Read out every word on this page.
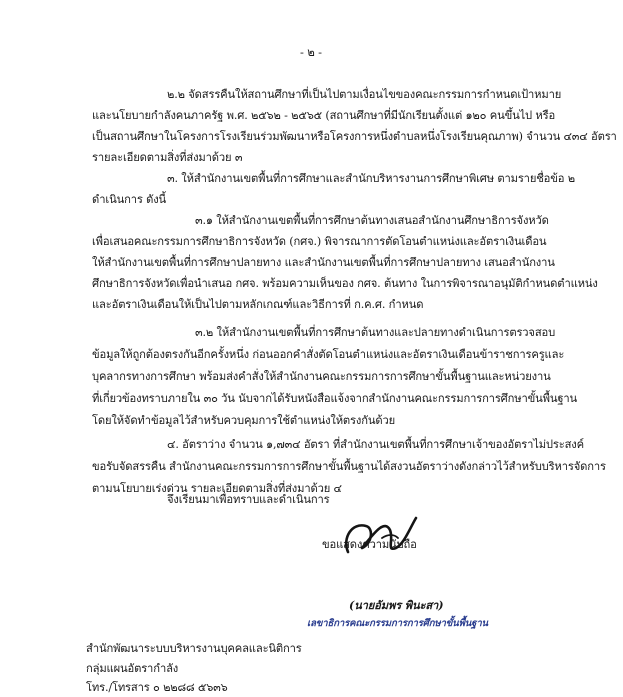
- ๒ -
๒.๒ จัดสรรคืนให้สถานศึกษาที่เป็นไปตามเงื่อนไขของคณะกรรมการกำหนดเป้าหมาย
และนโยบายกำลังคนภาครัฐ พ.ศ. ๒๕๖๒ - ๒๕๖๕ (สถานศึกษาที่มีนักเรียนตั้งแต่ ๑๒๐ คนขึ้นไป หรือ
เป็นสถานศึกษาในโครงการโรงเรียนร่วมพัฒนาหรือโครงการหนึ่งตำบลหนึ่งโรงเรียนคุณภาพ) จำนวน ๔๓๔ อัตรา
รายละเอียดตามสิ่งที่ส่งมาด้วย ๓
๓. ให้สำนักงานเขตพื้นที่การศึกษาและสำนักบริหารงานการศึกษาพิเศษ ตามรายชื่อข้อ ๒
ดำเนินการ ดังนี้
๓.๑ ให้สำนักงานเขตพื้นที่การศึกษาต้นทางเสนอสำนักงานศึกษาธิการจังหวัด
เพื่อเสนอคณะกรรมการศึกษาธิการจังหวัด (กศจ.) พิจารณาการตัดโอนตำแหน่งและอัตราเงินเดือน
ให้สำนักงานเขตพื้นที่การศึกษาปลายทาง และสำนักงานเขตพื้นที่การศึกษาปลายทาง เสนอสำนักงาน
ศึกษาธิการจังหวัดเพื่อนำเสนอ กศจ. พร้อมความเห็นของ กศจ. ต้นทาง ในการพิจารณาอนุมัติกำหนดตำแหน่ง
และอัตราเงินเดือนให้เป็นไปตามหลักเกณฑ์และวิธีการที่ ก.ค.ศ. กำหนด
๓.๒ ให้สำนักงานเขตพื้นที่การศึกษาต้นทางและปลายทางดำเนินการตรวจสอบ
ข้อมูลให้ถูกต้องตรงกันอีกครั้งหนึ่ง ก่อนออกคำสั่งตัดโอนตำแหน่งและอัตราเงินเดือนข้าราชการครูและ
บุคลากรทางการศึกษา พร้อมส่งคำสั่งให้สำนักงานคณะกรรมการการศึกษาขั้นพื้นฐานและหน่วยงาน
ที่เกี่ยวข้องทราบภายใน ๓๐ วัน นับจากได้รับหนังสือแจ้งจากสำนักงานคณะกรรมการการศึกษาขั้นพื้นฐาน
โดยให้จัดทำข้อมูลไว้สำหรับควบคุมการใช้ตำแหน่งให้ตรงกันด้วย
๔. อัตราว่าง จำนวน ๑,๗๓๔ อัตรา ที่สำนักงานเขตพื้นที่การศึกษาเจ้าของอัตราไม่ประสงค์
ขอรับจัดสรรคืน สำนักงานคณะกรรมการการศึกษาขั้นพื้นฐานได้สงวนอัตราว่างดังกล่าวไว้สำหรับบริหารจัดการ
ตามนโยบายเร่งด่วน รายละเอียดตามสิ่งที่ส่งมาด้วย ๔
จึงเรียนมาเพื่อทราบและดำเนินการ
ขอแสดงความนับถือ
(นายอัมพร พินะสา)
เลขาธิการคณะกรรมการการศึกษาขั้นพื้นฐาน
สำนักพัฒนาระบบบริหารงานบุคคลและนิติการ
กลุ่มแผนอัตรากำลัง
โทร./โทรสาร ๐ ๒๒๘๘ ๕๖๓๖
